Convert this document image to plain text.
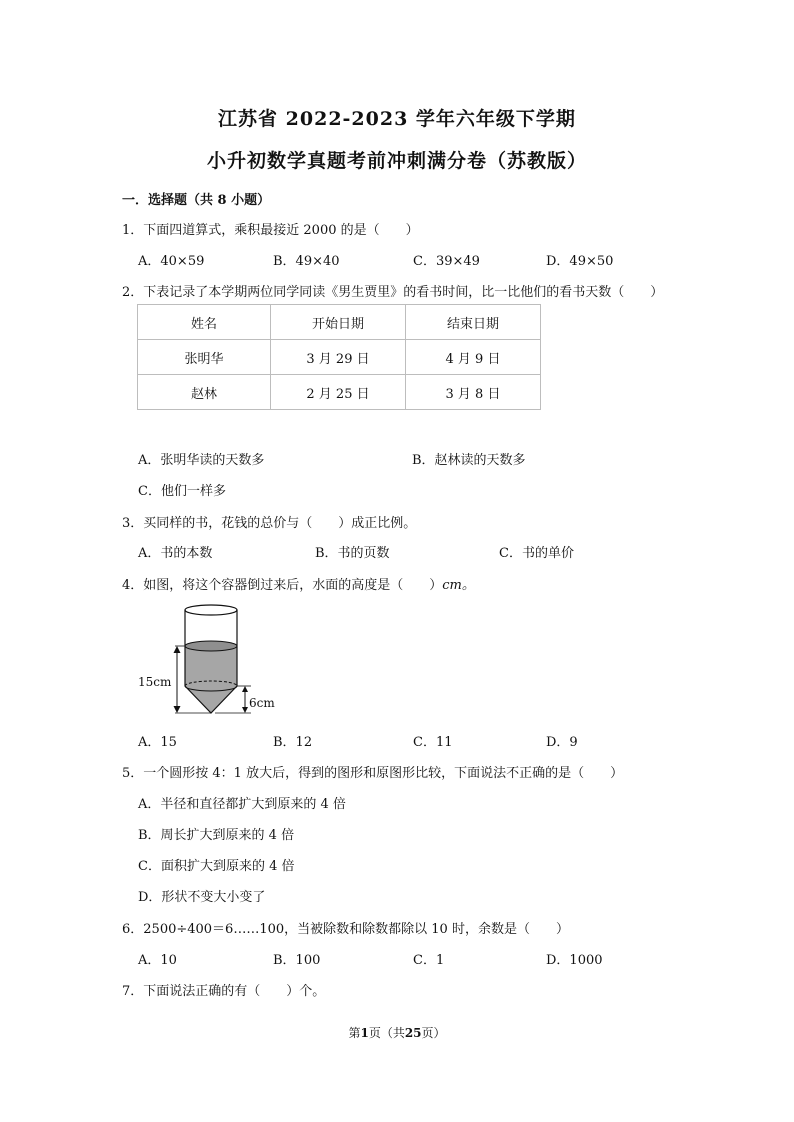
江苏省 2022-2023 学年六年级下学期
小升初数学真题考前冲刺满分卷（苏教版）
一．选择题（共 8 小题）
1．下面四道算式，乘积最接近 2000 的是（　　）
A．40×59	B．49×40	C．39×49	D．49×50
2．下表记录了本学期两位同学同读《男生贾里》的看书时间，比一比他们的看书天数（　　）
姓名	开始日期	结束日期
张明华	3 月 29 日	4 月 9 日
赵林	2 月 25 日	3 月 8 日
A．张明华读的天数多	B．赵林读的天数多
C．他们一样多
3．买同样的书，花钱的总价与（　　）成正比例。
A．书的本数	B．书的页数	C．书的单价
4．如图，将这个容器倒过来后，水面的高度是（　　）cm。
15cm
6cm
A．15	B．12	C．11	D．9
5．一个圆形按 4：1 放大后，得到的图形和原图形比较，下面说法不正确的是（　　）
A．半径和直径都扩大到原来的 4 倍
B．周长扩大到原来的 4 倍
C．面积扩大到原来的 4 倍
D．形状不变大小变了
6．2500÷400＝6……100，当被除数和除数都除以 10 时，余数是（　　）
A．10	B．100	C．1	D．1000
7．下面说法正确的有（　　）个。
第1页（共25页）
